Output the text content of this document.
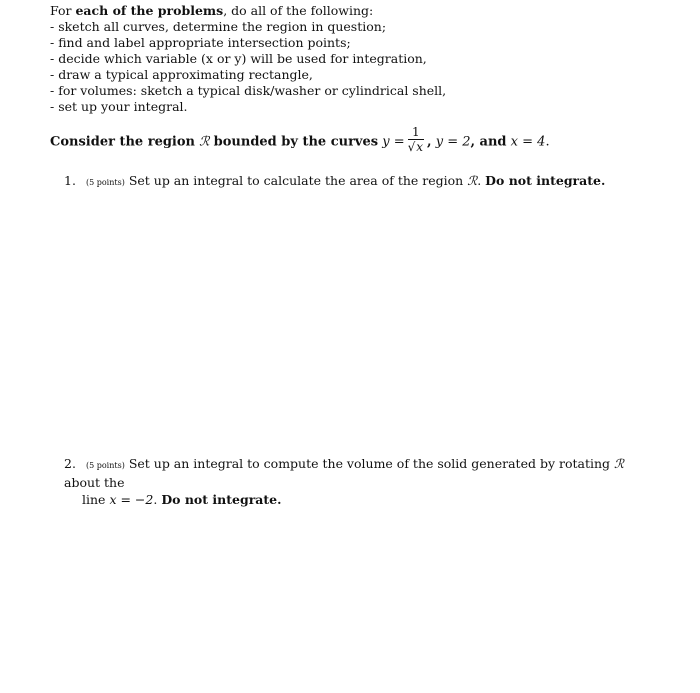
For each of the problems, do all of the following:
- sketch all curves, determine the region in question;
- find and label appropriate intersection points;
- decide which variable (x or y) will be used for integration,
- draw a typical approximating rectangle,
- for volumes: sketch a typical disk/washer or cylindrical shell,
- set up your integral.
Consider the region ℛ bounded by the curves $y = \frac{1}{√x}$ , y = 2, and x = 4.
1. (5 points) Set up an integral to calculate the area of the region ℛ. Do not integrate.
2. (5 points) Set up an integral to compute the volume of the solid generated by rotating ℛ about the
line x = −2. Do not integrate.
